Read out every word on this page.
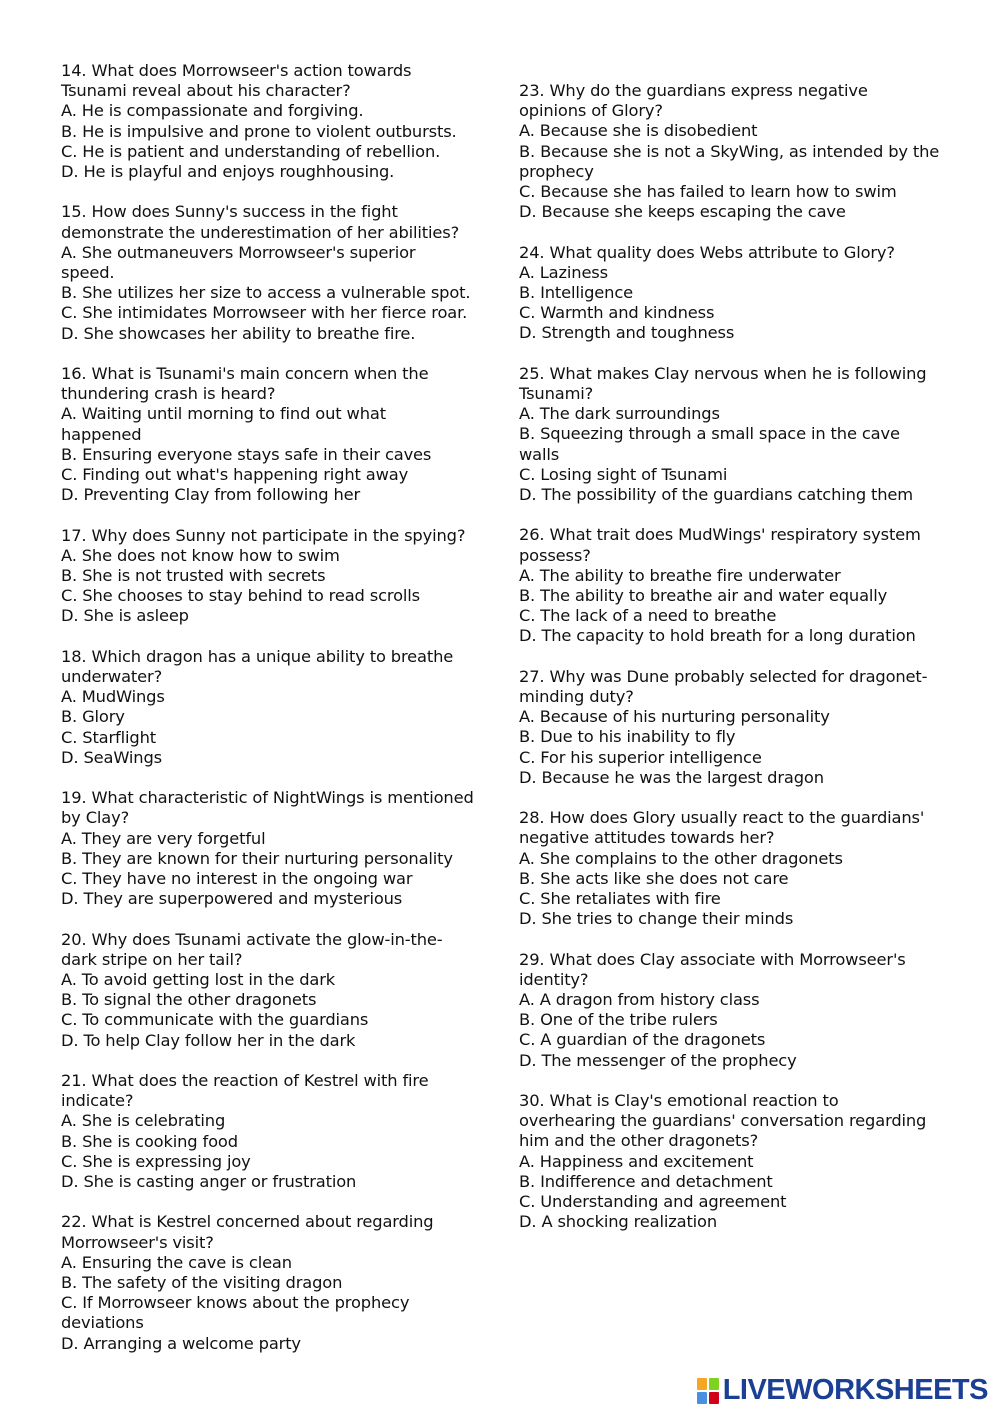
14. What does Morrowseer's action towards
Tsunami reveal about his character?
A. He is compassionate and forgiving.
B. He is impulsive and prone to violent outbursts.
C. He is patient and understanding of rebellion.
D. He is playful and enjoys roughhousing.
15. How does Sunny's success in the fight
demonstrate the underestimation of her abilities?
A. She outmaneuvers Morrowseer's superior
speed.
B. She utilizes her size to access a vulnerable spot.
C. She intimidates Morrowseer with her fierce roar.
D. She showcases her ability to breathe fire.
16. What is Tsunami's main concern when the
thundering crash is heard?
A. Waiting until morning to find out what
happened
B. Ensuring everyone stays safe in their caves
C. Finding out what's happening right away
D. Preventing Clay from following her
17. Why does Sunny not participate in the spying?
A. She does not know how to swim
B. She is not trusted with secrets
C. She chooses to stay behind to read scrolls
D. She is asleep
18. Which dragon has a unique ability to breathe
underwater?
A. MudWings
B. Glory
C. Starflight
D. SeaWings
19. What characteristic of NightWings is mentioned
by Clay?
A. They are very forgetful
B. They are known for their nurturing personality
C. They have no interest in the ongoing war
D. They are superpowered and mysterious
20. Why does Tsunami activate the glow-in-the-
dark stripe on her tail?
A. To avoid getting lost in the dark
B. To signal the other dragonets
C. To communicate with the guardians
D. To help Clay follow her in the dark
21. What does the reaction of Kestrel with fire
indicate?
A. She is celebrating
B. She is cooking food
C. She is expressing joy
D. She is casting anger or frustration
22. What is Kestrel concerned about regarding
Morrowseer's visit?
A. Ensuring the cave is clean
B. The safety of the visiting dragon
C. If Morrowseer knows about the prophecy
deviations
D. Arranging a welcome party
23. Why do the guardians express negative
opinions of Glory?
A. Because she is disobedient
B. Because she is not a SkyWing, as intended by the
prophecy
C. Because she has failed to learn how to swim
D. Because she keeps escaping the cave
24. What quality does Webs attribute to Glory?
A. Laziness
B. Intelligence
C. Warmth and kindness
D. Strength and toughness
25. What makes Clay nervous when he is following
Tsunami?
A. The dark surroundings
B. Squeezing through a small space in the cave
walls
C. Losing sight of Tsunami
D. The possibility of the guardians catching them
26. What trait does MudWings' respiratory system
possess?
A. The ability to breathe fire underwater
B. The ability to breathe air and water equally
C. The lack of a need to breathe
D. The capacity to hold breath for a long duration
27. Why was Dune probably selected for dragonet-
minding duty?
A. Because of his nurturing personality
B. Due to his inability to fly
C. For his superior intelligence
D. Because he was the largest dragon
28. How does Glory usually react to the guardians'
negative attitudes towards her?
A. She complains to the other dragonets
B. She acts like she does not care
C. She retaliates with fire
D. She tries to change their minds
29. What does Clay associate with Morrowseer's
identity?
A. A dragon from history class
B. One of the tribe rulers
C. A guardian of the dragonets
D. The messenger of the prophecy
30. What is Clay's emotional reaction to
overhearing the guardians' conversation regarding
him and the other dragonets?
A. Happiness and excitement
B. Indifference and detachment
C. Understanding and agreement
D. A shocking realization
LIVEWORKSHEETS
